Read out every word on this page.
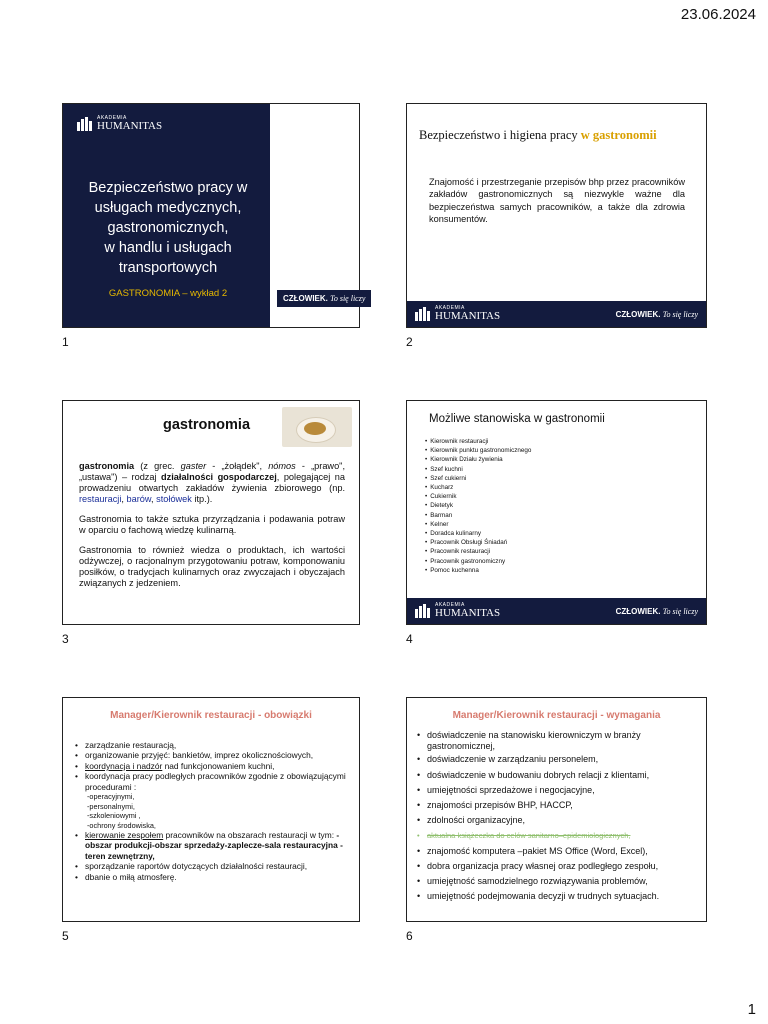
23.06.2024
AKADEMIA
HUMANITAS
Bezpieczeństwo pracy w
usługach medycznych,
gastronomicznych,
w handlu i usługach
transportowych
GASTRONOMIA – wykład 2	CZŁOWIEK. To się liczy
1
Bezpieczeństwo i higiena pracy w gastronomii
Znajomość i przestrzeganie przepisów bhp przez pracowników zakładów gastronomicznych są niezwykle ważne dla bezpieczeństwa samych pracowników, a także dla zdrowia konsumentów.
AKADEMIA
HUMANITAS	CZŁOWIEK. To się liczy
2
gastronomia

gastronomia (z grec. gaster - „żołądek", nómos - „prawo", „ustawa") – rodzaj działalności gospodarczej, polegającej na prowadzeniu otwartych zakładów żywienia zbiorowego (np. restauracji, barów, stołówek itp.).

Gastronomia to także sztuka przyrządzania i podawania potraw w oparciu o fachową wiedzę kulinarną.

Gastronomia to również wiedza o produktach, ich wartości odżywczej, o racjonalnym przygotowaniu potraw, komponowaniu posiłków, o tradycjach kulinarnych oraz zwyczajach i obyczajach związanych z jedzeniem.

3
Możliwe stanowiska w gastronomii
• Kierownik restauracji
• Kierownik punktu gastronomicznego
• Kierownik Działu żywienia
• Szef kuchni
• Szef cukierni
• Kucharz
• Cukiernik
• Dietetyk
• Barman
• Kelner
• Doradca kulinarny
• Pracownik Obsługi Śniadań
• Pracownik restauracji
• Pracownik gastronomiczny
• Pomoc kuchenna
AKADEMIA
HUMANITAS	CZŁOWIEK. To się liczy
4
Manager/Kierownik restauracji - obowiązki
• zarządzanie restauracją,
• organizowanie przyjęć: bankietów, imprez okolicznościowych,
• koordynacja i nadzór nad funkcjonowaniem kuchni,
• koordynacja pracy podległych pracowników zgodnie z obowiązującymi procedurami :
-operacyjnymi,
-personalnymi,
-szkoleniowymi ,
-ochrony środowiska,
• kierowanie zespołem pracowników na obszarach restauracji w tym: -obszar produkcji-obszar sprzedaży-zaplecze-sala restauracyjna -teren zewnętrzny,
• sporządzanie raportów dotyczących działalności restauracji,
• dbanie o miłą atmosferę.
5
Manager/Kierownik restauracji - wymagania
• doświadczenie na stanowisku kierowniczym w branży gastronomicznej,
• doświadczenie w zarządzaniu personelem,
• doświadczenie w budowaniu dobrych relacji z klientami,
• umiejętności sprzedażowe i negocjacyjne,
• znajomości przepisów BHP, HACCP,
• zdolności organizacyjne,
• aktualna książeczka do celów sanitarno–epidemiologicznych,
• znajomość komputera –pakiet MS Office (Word, Excel),
• dobra organizacja pracy własnej oraz podległego zespołu,
• umiejętność samodzielnego rozwiązywania problemów,
• umiejętność podejmowania decyzji w trudnych sytuacjach.
6
1
